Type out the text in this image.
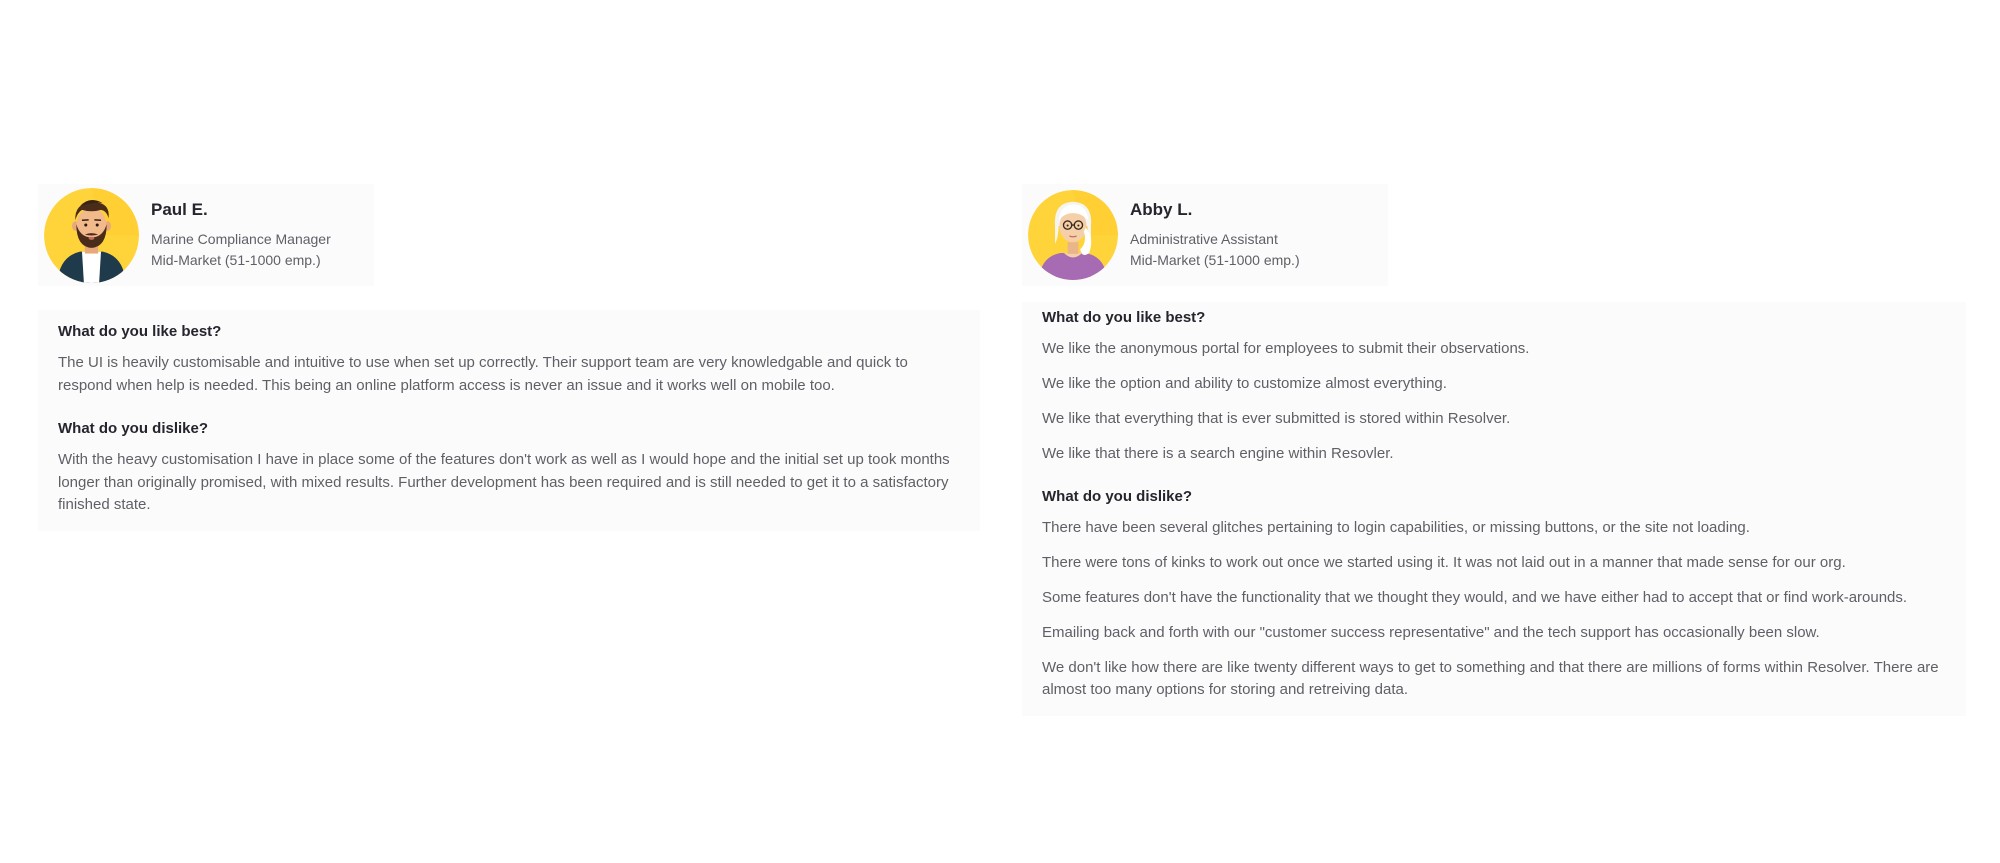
Paul E.
Marine Compliance Manager
Mid-Market (51-1000 emp.)

What do you like best?

The UI is heavily customisable and intuitive to use when set up correctly. Their support team are very knowledgable and quick to respond when help is needed. This being an online platform access is never an issue and it works well on mobile too.

What do you dislike?

With the heavy customisation I have in place some of the features don't work as well as I would hope and the initial set up took months longer than originally promised, with mixed results. Further development has been required and is still needed to get it to a satisfactory finished state.

Abby L.
Administrative Assistant
Mid-Market (51-1000 emp.)

What do you like best?

We like the anonymous portal for employees to submit their observations.

We like the option and ability to customize almost everything.

We like that everything that is ever submitted is stored within Resolver.

We like that there is a search engine within Resovler.

What do you dislike?

There have been several glitches pertaining to login capabilities, or missing buttons, or the site not loading.

There were tons of kinks to work out once we started using it. It was not laid out in a manner that made sense for our org.

Some features don't have the functionality that we thought they would, and we have either had to accept that or find work-arounds.

Emailing back and forth with our "customer success representative" and the tech support has occasionally been slow.

We don't like how there are like twenty different ways to get to something and that there are millions of forms within Resolver. There are almost too many options for storing and retreiving data.
